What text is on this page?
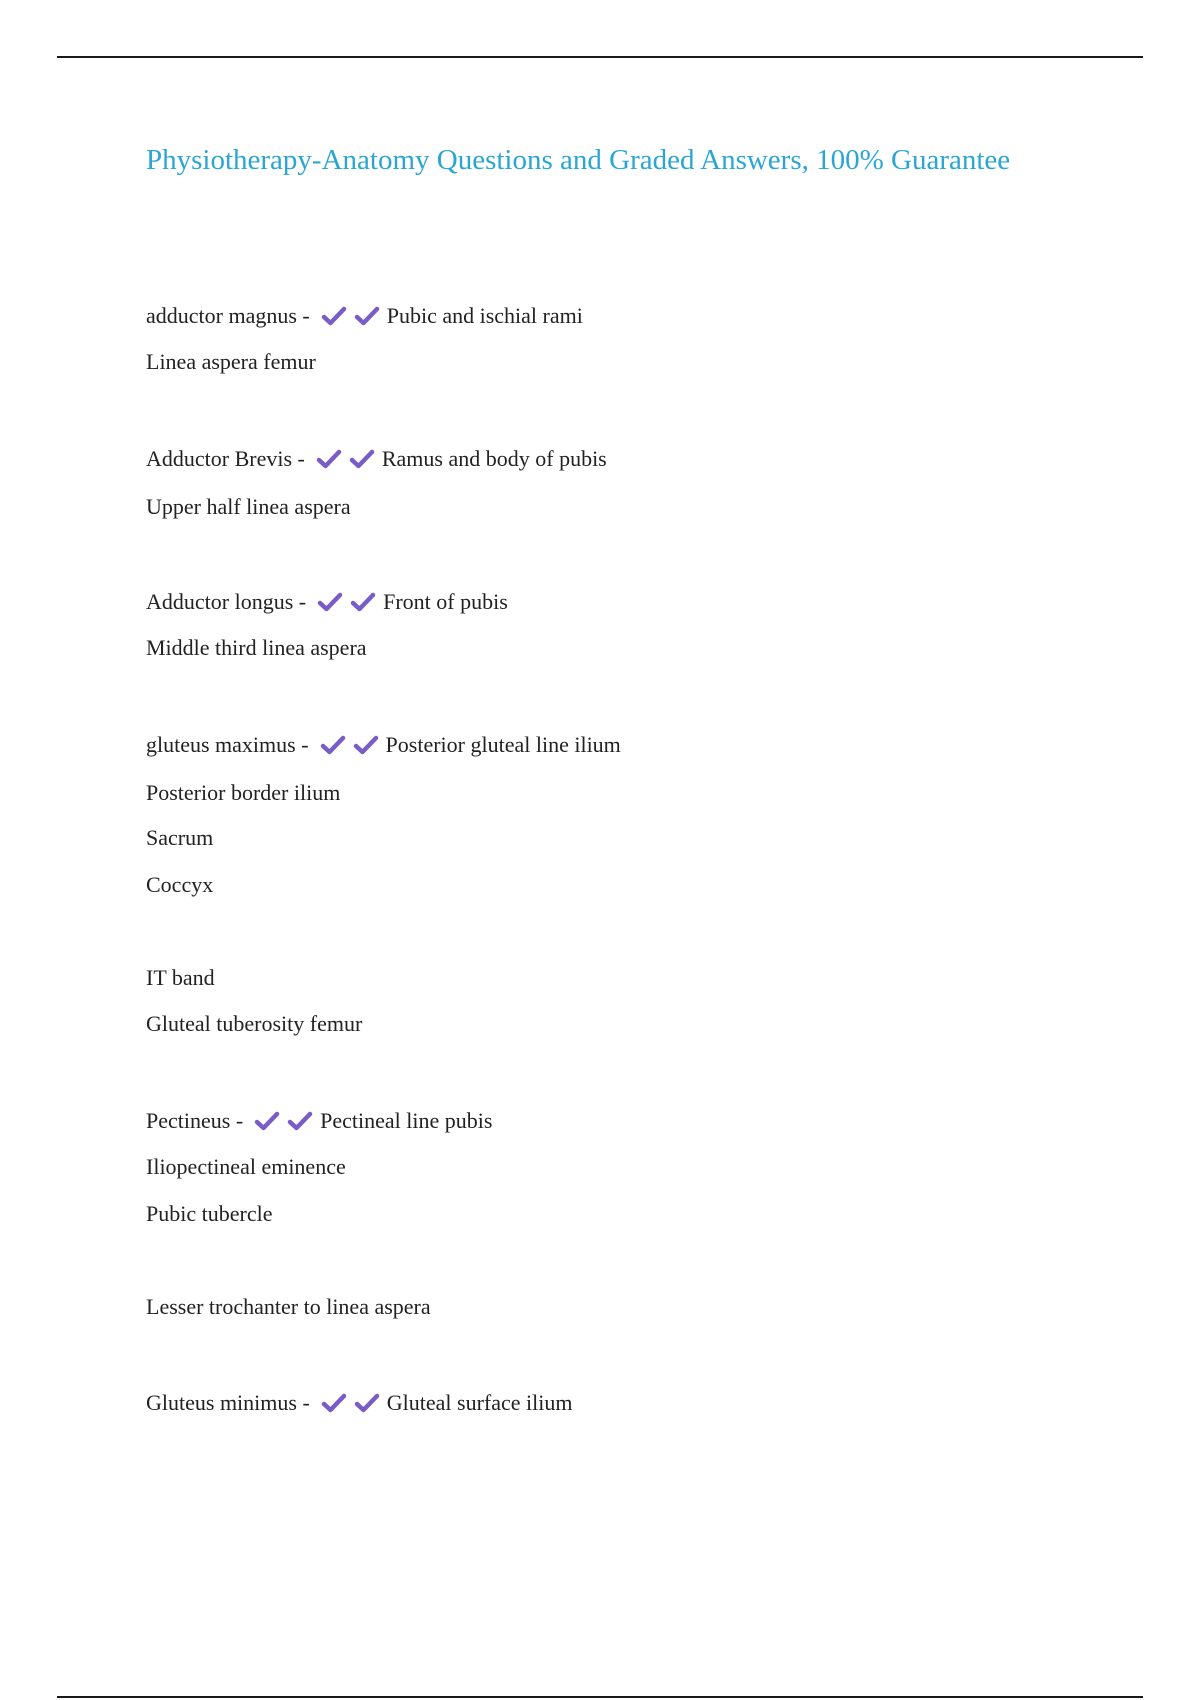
Physiotherapy-Anatomy Questions and Graded Answers, 100% Guarantee
adductor magnus -	Pubic and ischial rami
Linea aspera femur
Adductor Brevis -	Ramus and body of pubis
Upper half linea aspera
Adductor longus -	Front of pubis
Middle third linea aspera
gluteus maximus -	Posterior gluteal line ilium
Posterior border ilium
Sacrum
Coccyx
IT band
Gluteal tuberosity femur
Pectineus -	Pectineal line pubis
Iliopectineal eminence
Pubic tubercle
Lesser trochanter to linea aspera
Gluteus minimus -	Gluteal surface ilium
